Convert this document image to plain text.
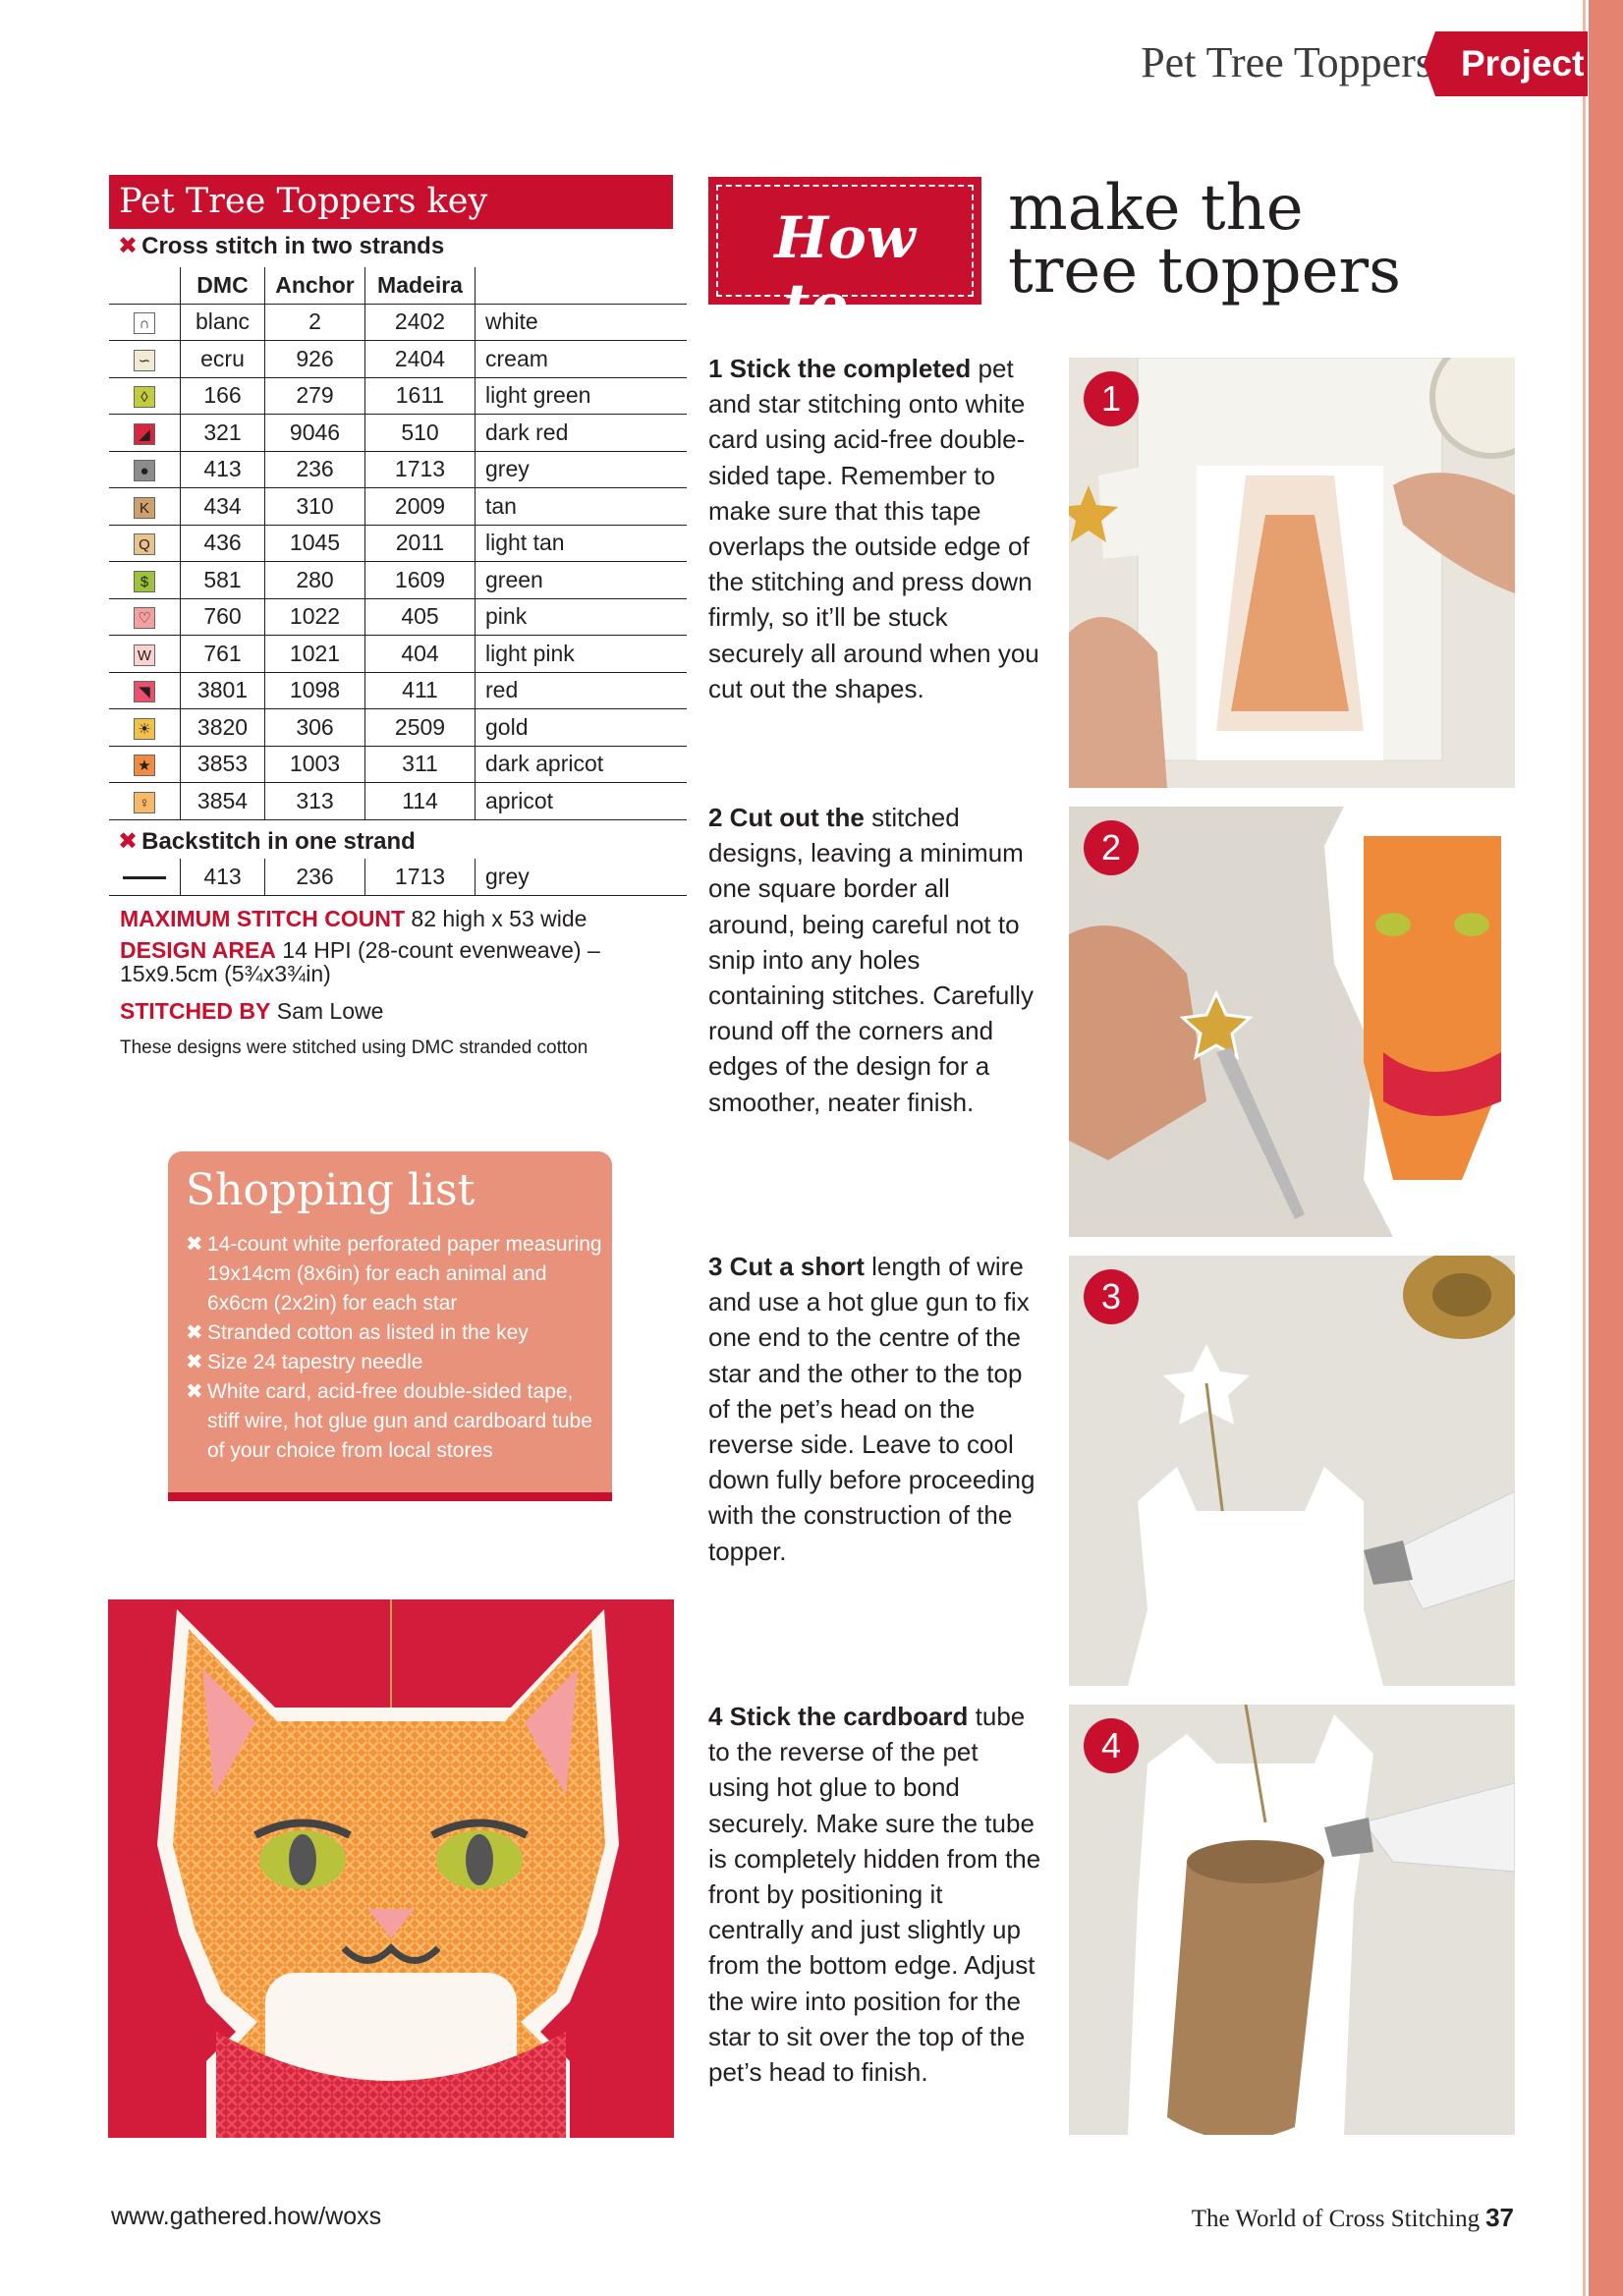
Pet Tree Toppers Project
Pet Tree Toppers key
✖ Cross stitch in two strands
	DMC	Anchor	Madeira	
∩	blanc	2	2402	white
∽	ecru	926	2404	cream
◊	166	279	1611	light green
◢	321	9046	510	dark red
●	413	236	1713	grey
K	434	310	2009	tan
Q	436	1045	2011	light tan
$	581	280	1609	green
♡	760	1022	405	pink
W	761	1021	404	light pink
◥	3801	1098	411	red
☀	3820	306	2509	gold
★	3853	1003	311	dark apricot
♀	3854	313	114	apricot
✖ Backstitch in one strand
	413	236	1713	grey
MAXIMUM STITCH COUNT 82 high x 53 wide
DESIGN AREA 14 HPI (28-count evenweave) –
15x9.5cm (5¾x3¾in)
STITCHED BY Sam Lowe
These designs were stitched using DMC stranded cotton
Shopping list
✖ 14-count white perforated paper measuring 19x14cm (8x6in) for each animal and 6x6cm (2x2in) for each star
✖ Stranded cotton as listed in the key
✖ Size 24 tapestry needle
✖ White card, acid-free double-sided tape, stiff wire, hot glue gun and cardboard tube of your choice from local stores
How to...
make the
tree toppers
1 Stick the completed pet and star stitching onto white card using acid-free double-sided tape. Remember to make sure that this tape overlaps the outside edge of the stitching and press down firmly, so it’ll be stuck securely all around when you cut out the shapes.
2 Cut out the stitched designs, leaving a minimum one square border all around, being careful not to snip into any holes containing stitches. Carefully round off the corners and edges of the design for a smoother, neater finish.
3 Cut a short length of wire and use a hot glue gun to fix one end to the centre of the star and the other to the top of the pet’s head on the reverse side. Leave to cool down fully before proceeding with the construction of the topper.
4 Stick the cardboard tube to the reverse of the pet using hot glue to bond securely. Make sure the tube is completely hidden from the front by positioning it centrally and just slightly up from the bottom edge. Adjust the wire into position for the star to sit over the top of the pet’s head to finish.
1
2
3
4
www.gathered.how/woxs	The World of Cross Stitching 37
